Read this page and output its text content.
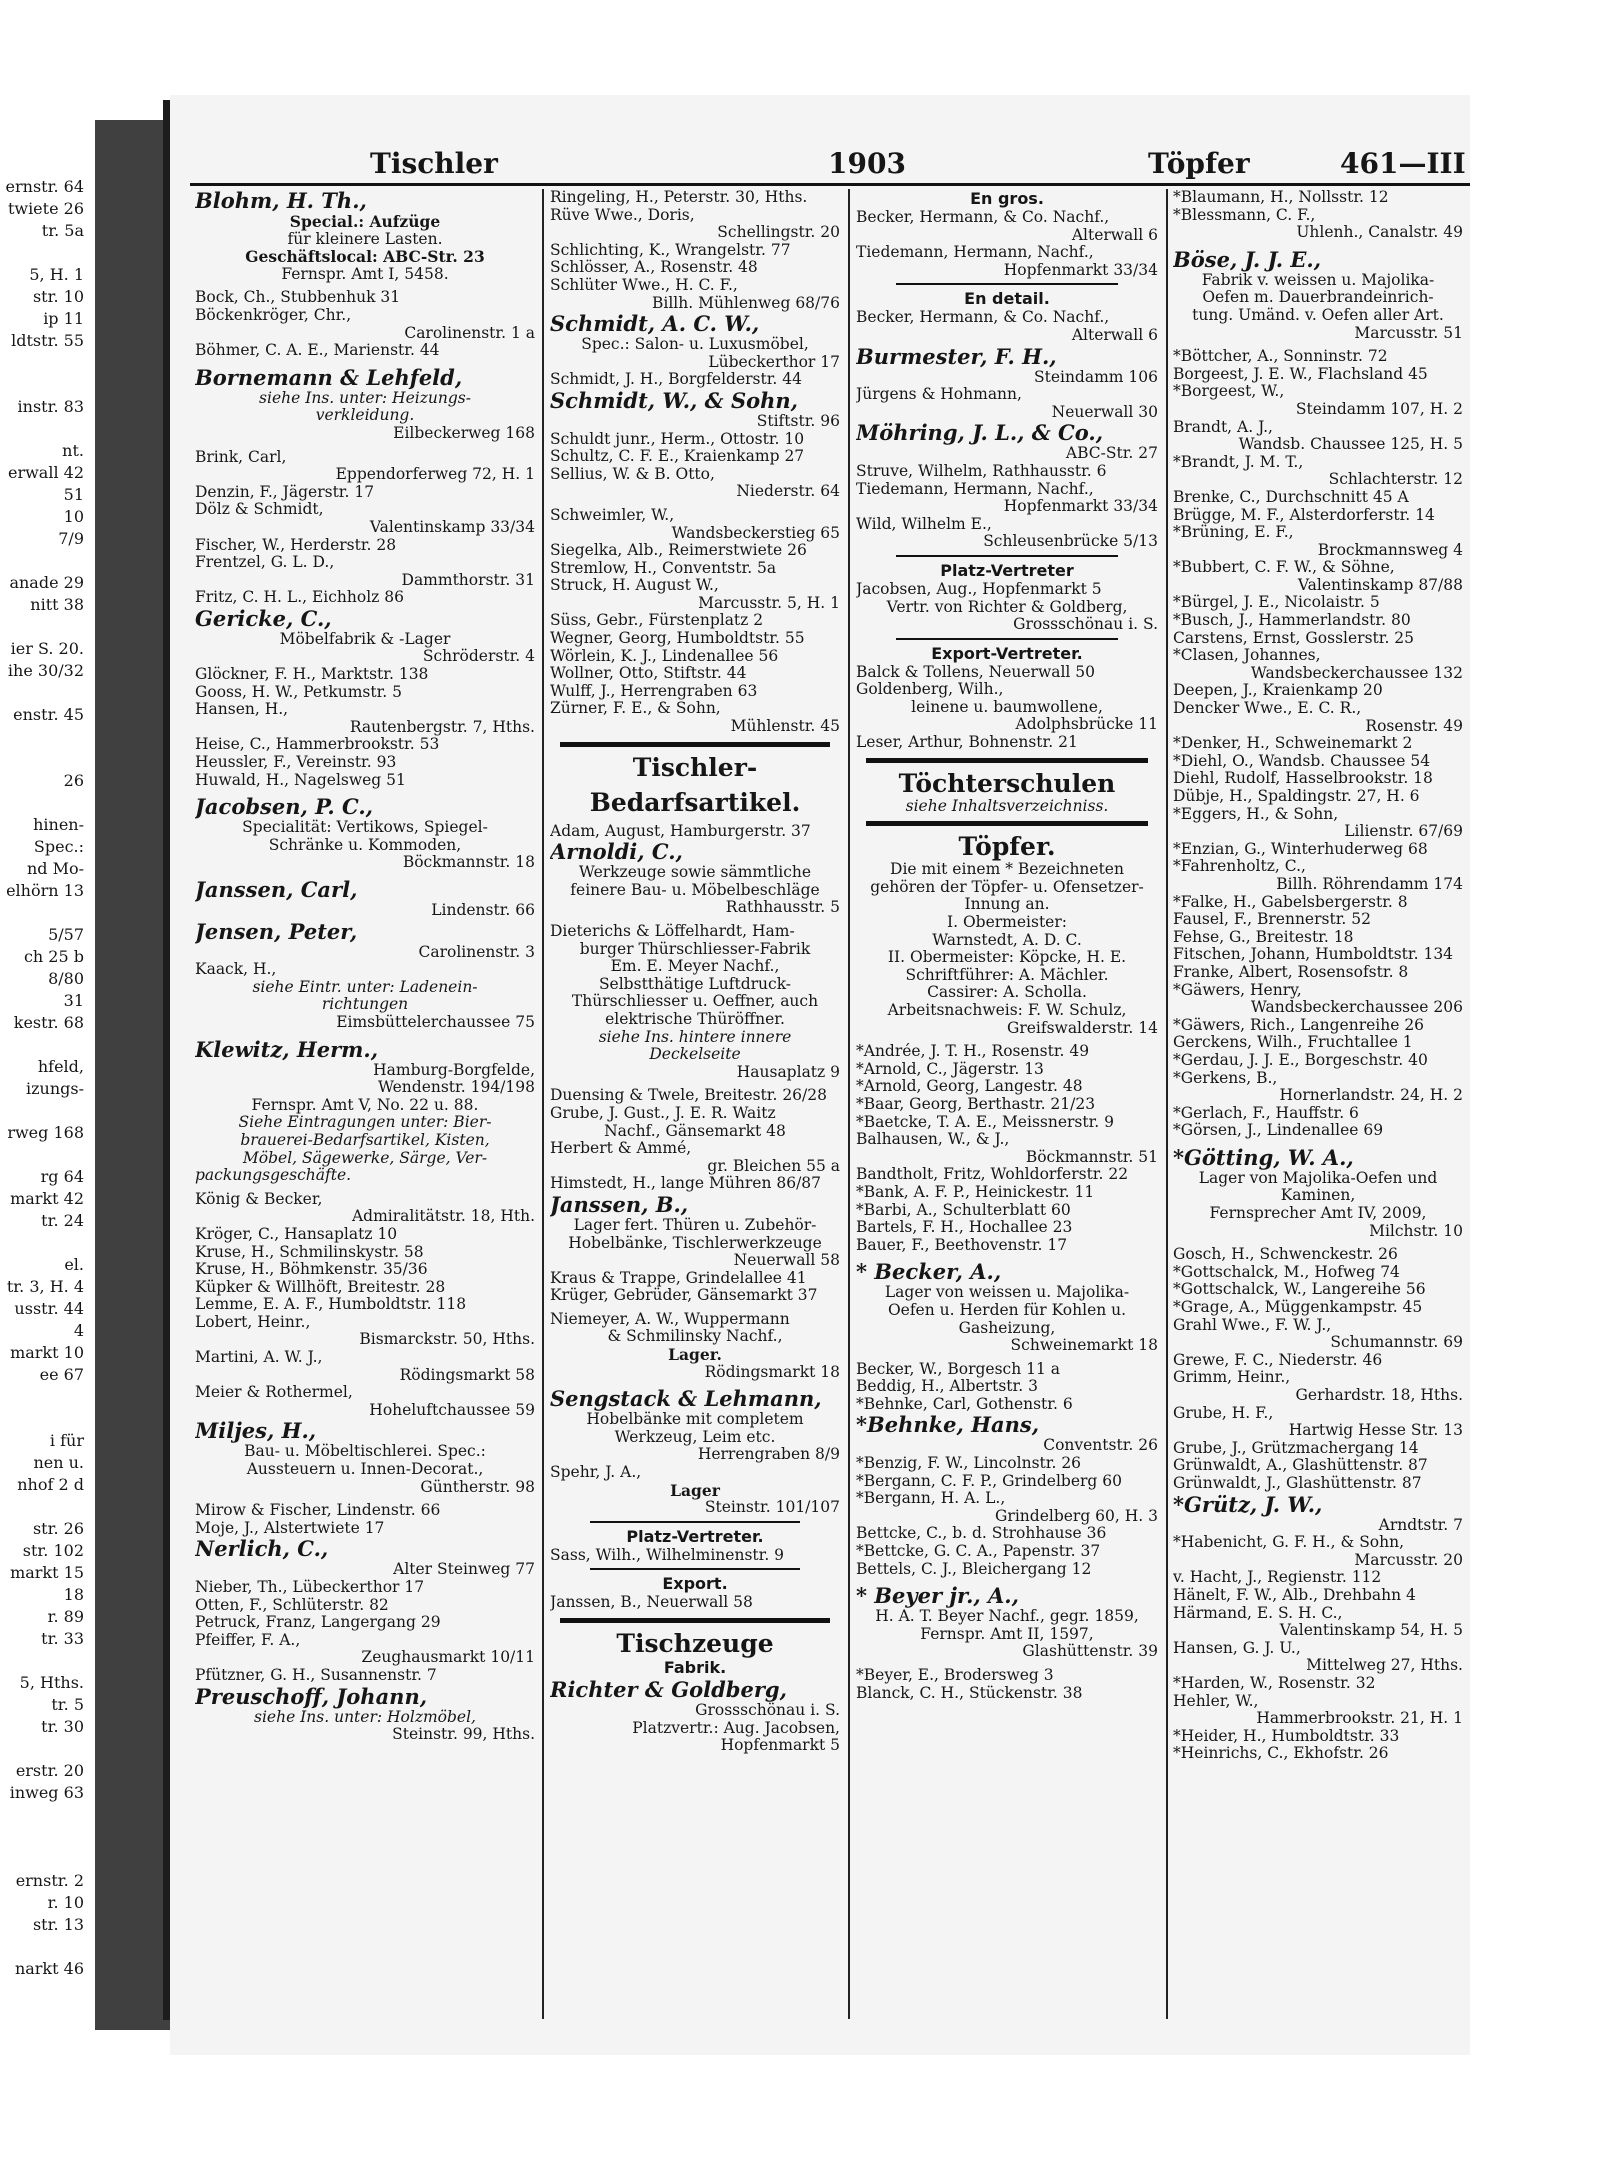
ernstr. 64
twiete 26
tr. 5a
5, H. 1
str. 10
ip 11
ldtstr. 55
instr. 83
nt.
erwall 42
51
10
7/9
anade 29
nitt 38
ier S. 20.
ihe 30/32
enstr. 45
26
hinen-
Spec.:
nd Mo-
elhörn 13
5/57
ch 25 b
8/80
31
kestr. 68
hfeld,
izungs-
rweg 168
rg 64
markt 42
tr. 24
el.
tr. 3, H. 4
usstr. 44
4
markt 10
ee 67
i für
nen u.
nhof 2 d
str. 26
str. 102
markt 15
18
r. 89
tr. 33
5, Hths.
tr. 5
tr. 30
erstr. 20
inweg 63
ernstr. 2
r. 10
str. 13
narkt 46
Tischler	1903	Töpfer	461—III
Blohm, H. Th.,
Special.: Aufzüge
für kleinere Lasten.
Geschäftslocal: ABC-Str. 23
Fernspr. Amt I, 5458.
Bock, Ch., Stubbenhuk 31
Böckenkröger, Chr.,
Carolinenstr. 1 a
Böhmer, C. A. E., Marienstr. 44
Bornemann & Lehfeld,
siehe Ins. unter: Heizungs-
verkleidung.
Eilbeckerweg 168
Brink, Carl,
Eppendorferweg 72, H. 1
Denzin, F., Jägerstr. 17
Dölz & Schmidt,
Valentinskamp 33/34
Fischer, W., Herderstr. 28
Frentzel, G. L. D.,
Dammthorstr. 31
Fritz, C. H. L., Eichholz 86
Gericke, C.,
Möbelfabrik & -Lager
Schröderstr. 4
Glöckner, F. H., Marktstr. 138
Gooss, H. W., Petkumstr. 5
Hansen, H.,
Rautenbergstr. 7, Hths.
Heise, C., Hammerbrookstr. 53
Heussler, F., Vereinstr. 93
Huwald, H., Nagelsweg 51
Jacobsen, P. C.,
Specialität: Vertikows, Spiegel-
Schränke u. Kommoden,
Böckmannstr. 18
Janssen, Carl,
Lindenstr. 66
Jensen, Peter,
Carolinenstr. 3
Kaack, H.,
siehe Eintr. unter: Ladenein-
richtungen
Eimsbüttelerchaussee 75
Klewitz, Herm.,
Hamburg-Borgfelde,
Wendenstr. 194/198
Fernspr. Amt V, No. 22 u. 88.
Siehe Eintragungen unter: Bier-
brauerei-Bedarfsartikel, Kisten,
Möbel, Sägewerke, Särge, Ver-
packungsgeschäfte.
König & Becker,
Admiralitätstr. 18, Hth.
Kröger, C., Hansaplatz 10
Kruse, H., Schmilinskystr. 58
Kruse, H., Böhmkenstr. 35/36
Küpker & Willhöft, Breitestr. 28
Lemme, E. A. F., Humboldtstr. 118
Lobert, Heinr.,
Bismarckstr. 50, Hths.
Martini, A. W. J.,
Rödingsmarkt 58
Meier & Rothermel,
Hoheluftchaussee 59
Miljes, H.,
Bau- u. Möbeltischlerei. Spec.:
Aussteuern u. Innen-Decorat.,
Güntherstr. 98
Mirow & Fischer, Lindenstr. 66
Moje, J., Alstertwiete 17
Nerlich, C.,
Alter Steinweg 77
Nieber, Th., Lübeckerthor 17
Otten, F., Schlüterstr. 82
Petruck, Franz, Langergang 29
Pfeiffer, F. A.,
Zeughausmarkt 10/11
Pfützner, G. H., Susannenstr. 7
Preuschoff, Johann,
siehe Ins. unter: Holzmöbel,
Steinstr. 99, Hths.
Ringeling, H., Peterstr. 30, Hths.
Rüve Wwe., Doris,
Schellingstr. 20
Schlichting, K., Wrangelstr. 77
Schlösser, A., Rosenstr. 48
Schlüter Wwe., H. C. F.,
Billh. Mühlenweg 68/76
Schmidt, A. C. W.,
Spec.: Salon- u. Luxusmöbel,
Lübeckerthor 17
Schmidt, J. H., Borgfelderstr. 44
Schmidt, W., & Sohn,
Stiftstr. 96
Schuldt junr., Herm., Ottostr. 10
Schultz, C. F. E., Kraienkamp 27
Sellius, W. & B. Otto,
Niederstr. 64
Schweimler, W.,
Wandsbeckerstieg 65
Siegelka, Alb., Reimerstwiete 26
Stremlow, H., Conventstr. 5a
Struck, H. August W.,
Marcusstr. 5, H. 1
Süss, Gebr., Fürstenplatz 2
Wegner, Georg, Humboldtstr. 55
Wörlein, K. J., Lindenallee 56
Wollner, Otto, Stiftstr. 44
Wulff, J., Herrengraben 63
Zürner, F. E., & Sohn,
Mühlenstr. 45
Tischler-
Bedarfsartikel.
Adam, August, Hamburgerstr. 37
Arnoldi, C.,
Werkzeuge sowie sämmtliche
feinere Bau- u. Möbelbeschläge
Rathhausstr. 5
Dieterichs & Löffelhardt, Ham-
burger Thürschliesser-Fabrik
Em. E. Meyer Nachf.,
Selbstthätige Luftdruck-
Thürschliesser u. Oeffner, auch
elektrische Thüröffner.
siehe Ins. hintere innere
Deckelseite
Hausaplatz 9
Duensing & Twele, Breitestr. 26/28
Grube, J. Gust., J. E. R. Waitz
Nachf., Gänsemarkt 48
Herbert & Ammé,
gr. Bleichen 55 a
Himstedt, H., lange Mühren 86/87
Janssen, B.,
Lager fert. Thüren u. Zubehör-
Hobelbänke, Tischlerwerkzeuge
Neuerwall 58
Kraus & Trappe, Grindelallee 41
Krüger, Gebrüder, Gänsemarkt 37
Niemeyer, A. W., Wuppermann
& Schmilinsky Nachf.,
Lager.
Rödingsmarkt 18
Sengstack & Lehmann,
Hobelbänke mit completem
Werkzeug, Leim etc.
Herrengraben 8/9
Spehr, J. A.,
Lager
Steinstr. 101/107
Platz-Vertreter.
Sass, Wilh., Wilhelminenstr. 9
Export.
Janssen, B., Neuerwall 58
Tischzeuge
Fabrik.
Richter & Goldberg,
Grossschönau i. S.
Platzvertr.: Aug. Jacobsen,
Hopfenmarkt 5
En gros.
Becker, Hermann, & Co. Nachf.,
Alterwall 6
Tiedemann, Hermann, Nachf.,
Hopfenmarkt 33/34
En detail.
Becker, Hermann, & Co. Nachf.,
Alterwall 6
Burmester, F. H.,
Steindamm 106
Jürgens & Hohmann,
Neuerwall 30
Möhring, J. L., & Co.,
ABC-Str. 27
Struve, Wilhelm, Rathhausstr. 6
Tiedemann, Hermann, Nachf.,
Hopfenmarkt 33/34
Wild, Wilhelm E.,
Schleusenbrücke 5/13
Platz-Vertreter
Jacobsen, Aug., Hopfenmarkt 5
Vertr. von Richter & Goldberg,
Grossschönau i. S.
Export-Vertreter.
Balck & Tollens, Neuerwall 50
Goldenberg, Wilh.,
leinene u. baumwollene,
Adolphsbrücke 11
Leser, Arthur, Bohnenstr. 21
Töchterschulen
siehe Inhaltsverzeichniss.
Töpfer.
Die mit einem * Bezeichneten
gehören der Töpfer- u. Ofensetzer-
Innung an.
I. Obermeister:
Warnstedt, A. D. C.
II. Obermeister: Köpcke, H. E.
Schriftführer: A. Mächler.
Cassirer: A. Scholla.
Arbeitsnachweis: F. W. Schulz,
Greifswalderstr. 14
*Andrée, J. T. H., Rosenstr. 49
*Arnold, C., Jägerstr. 13
*Arnold, Georg, Langestr. 48
*Baar, Georg, Berthastr. 21/23
*Baetcke, T. A. E., Meissnerstr. 9
Balhausen, W., & J.,
Böckmannstr. 51
Bandtholt, Fritz, Wohldorferstr. 22
*Bank, A. F. P., Heinickestr. 11
*Barbi, A., Schulterblatt 60
Bartels, F. H., Hochallee 23
Bauer, F., Beethovenstr. 17
* Becker, A.,
Lager von weissen u. Majolika-
Oefen u. Herden für Kohlen u.
Gasheizung,
Schweinemarkt 18
Becker, W., Borgesch 11 a
Beddig, H., Albertstr. 3
*Behnke, Carl, Gothenstr. 6
*Behnke, Hans,
Conventstr. 26
*Benzig, F. W., Lincolnstr. 26
*Bergann, C. F. P., Grindelberg 60
*Bergann, H. A. L.,
Grindelberg 60, H. 3
Bettcke, C., b. d. Strohhause 36
*Bettcke, G. C. A., Papenstr. 37
Bettels, C. J., Bleichergang 12
* Beyer jr., A.,
H. A. T. Beyer Nachf., gegr. 1859,
Fernspr. Amt II, 1597,
Glashüttenstr. 39
*Beyer, E., Brodersweg 3
Blanck, C. H., Stückenstr. 38
*Blaumann, H., Nollsstr. 12
*Blessmann, C. F.,
Uhlenh., Canalstr. 49
Böse, J. J. E.,
Fabrik v. weissen u. Majolika-
Oefen m. Dauerbrandeinrich-
tung. Umänd. v. Oefen aller Art.
Marcusstr. 51
*Böttcher, A., Sonninstr. 72
Borgeest, J. E. W., Flachsland 45
*Borgeest, W.,
Steindamm 107, H. 2
Brandt, A. J.,
Wandsb. Chaussee 125, H. 5
*Brandt, J. M. T.,
Schlachterstr. 12
Brenke, C., Durchschnitt 45 A
Brügge, M. F., Alsterdorferstr. 14
*Brüning, E. F.,
Brockmannsweg 4
*Bubbert, C. F. W., & Söhne,
Valentinskamp 87/88
*Bürgel, J. E., Nicolaistr. 5
*Busch, J., Hammerlandstr. 80
Carstens, Ernst, Gosslerstr. 25
*Clasen, Johannes,
Wandsbeckerchaussee 132
Deepen, J., Kraienkamp 20
Dencker Wwe., E. C. R.,
Rosenstr. 49
*Denker, H., Schweinemarkt 2
*Diehl, O., Wandsb. Chaussee 54
Diehl, Rudolf, Hasselbrookstr. 18
Dübje, H., Spaldingstr. 27, H. 6
*Eggers, H., & Sohn,
Lilienstr. 67/69
*Enzian, G., Winterhuderweg 68
*Fahrenholtz, C.,
Billh. Röhrendamm 174
*Falke, H., Gabelsbergerstr. 8
Fausel, F., Brennerstr. 52
Fehse, G., Breitestr. 18
Fitschen, Johann, Humboldtstr. 134
Franke, Albert, Rosensofstr. 8
*Gäwers, Henry,
Wandsbeckerchaussee 206
*Gäwers, Rich., Langenreihe 26
Gerckens, Wilh., Fruchtallee 1
*Gerdau, J. J. E., Borgeschstr. 40
*Gerkens, B.,
Hornerlandstr. 24, H. 2
*Gerlach, F., Hauffstr. 6
*Görsen, J., Lindenallee 69
*Götting, W. A.,
Lager von Majolika-Oefen und
Kaminen,
Fernsprecher Amt IV, 2009,
Milchstr. 10
Gosch, H., Schwenckestr. 26
*Gottschalck, M., Hofweg 74
*Gottschalck, W., Langereihe 56
*Grage, A., Müggenkampstr. 45
Grahl Wwe., F. W. J.,
Schumannstr. 69
Grewe, F. C., Niederstr. 46
Grimm, Heinr.,
Gerhardstr. 18, Hths.
Grube, H. F.,
Hartwig Hesse Str. 13
Grube, J., Grützmachergang 14
Grünwaldt, A., Glashüttenstr. 87
Grünwaldt, J., Glashüttenstr. 87
*Grütz, J. W.,
Arndtstr. 7
*Habenicht, G. F. H., & Sohn,
Marcusstr. 20
v. Hacht, J., Regienstr. 112
Hänelt, F. W., Alb., Drehbahn 4
Härmand, E. S. H. C.,
Valentinskamp 54, H. 5
Hansen, G. J. U.,
Mittelweg 27, Hths.
*Harden, W., Rosenstr. 32
Hehler, W.,
Hammerbrookstr. 21, H. 1
*Heider, H., Humboldtstr. 33
*Heinrichs, C., Ekhofstr. 26
